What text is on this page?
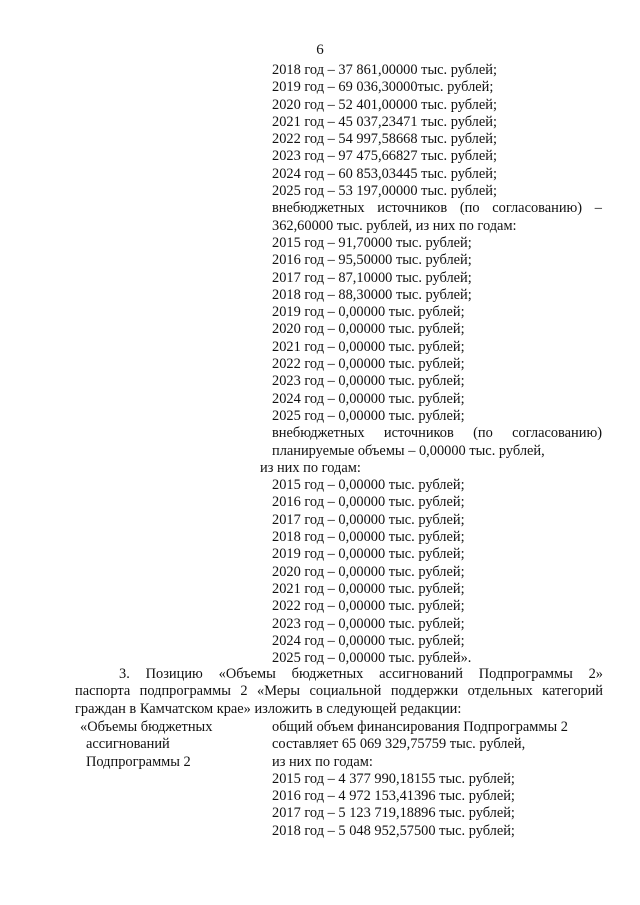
6
2018 год – 37 861,00000 тыс. рублей;
2019 год – 69 036,30000тыс. рублей;
2020 год – 52 401,00000 тыс. рублей;
2021 год – 45 037,23471 тыс. рублей;
2022 год – 54 997,58668 тыс. рублей;
2023 год – 97 475,66827 тыс. рублей;
2024 год – 60 853,03445 тыс. рублей;
2025 год – 53 197,00000 тыс. рублей;
внебюджетных источников (по согласованию) –
362,60000 тыс. рублей, из них по годам:
2015 год – 91,70000 тыс. рублей;
2016 год – 95,50000 тыс. рублей;
2017 год – 87,10000 тыс. рублей;
2018 год – 88,30000 тыс. рублей;
2019 год – 0,00000 тыс. рублей;
2020 год – 0,00000 тыс. рублей;
2021 год – 0,00000 тыс. рублей;
2022 год – 0,00000 тыс. рублей;
2023 год – 0,00000 тыс. рублей;
2024 год – 0,00000 тыс. рублей;
2025 год – 0,00000 тыс. рублей;
внебюджетных источников (по согласованию)
планируемые объемы – 0,00000 тыс. рублей,
из них по годам:
2015 год – 0,00000 тыс. рублей;
2016 год – 0,00000 тыс. рублей;
2017 год – 0,00000 тыс. рублей;
2018 год – 0,00000 тыс. рублей;
2019 год – 0,00000 тыс. рублей;
2020 год – 0,00000 тыс. рублей;
2021 год – 0,00000 тыс. рублей;
2022 год – 0,00000 тыс. рублей;
2023 год – 0,00000 тыс. рублей;
2024 год – 0,00000 тыс. рублей;
2025 год – 0,00000 тыс. рублей».
3. Позицию «Объемы бюджетных ассигнований Подпрограммы 2»
паспорта подпрограммы 2 «Меры социальной поддержки отдельных категорий
граждан в Камчатском крае» изложить в следующей редакции:
«Объемы бюджетных
ассигнований
Подпрограммы 2
общий объем финансирования Подпрограммы 2
составляет 65 069 329,75759 тыс. рублей,
из них по годам:
2015 год – 4 377 990,18155 тыс. рублей;
2016 год – 4 972 153,41396 тыс. рублей;
2017 год – 5 123 719,18896 тыс. рублей;
2018 год – 5 048 952,57500 тыс. рублей;
